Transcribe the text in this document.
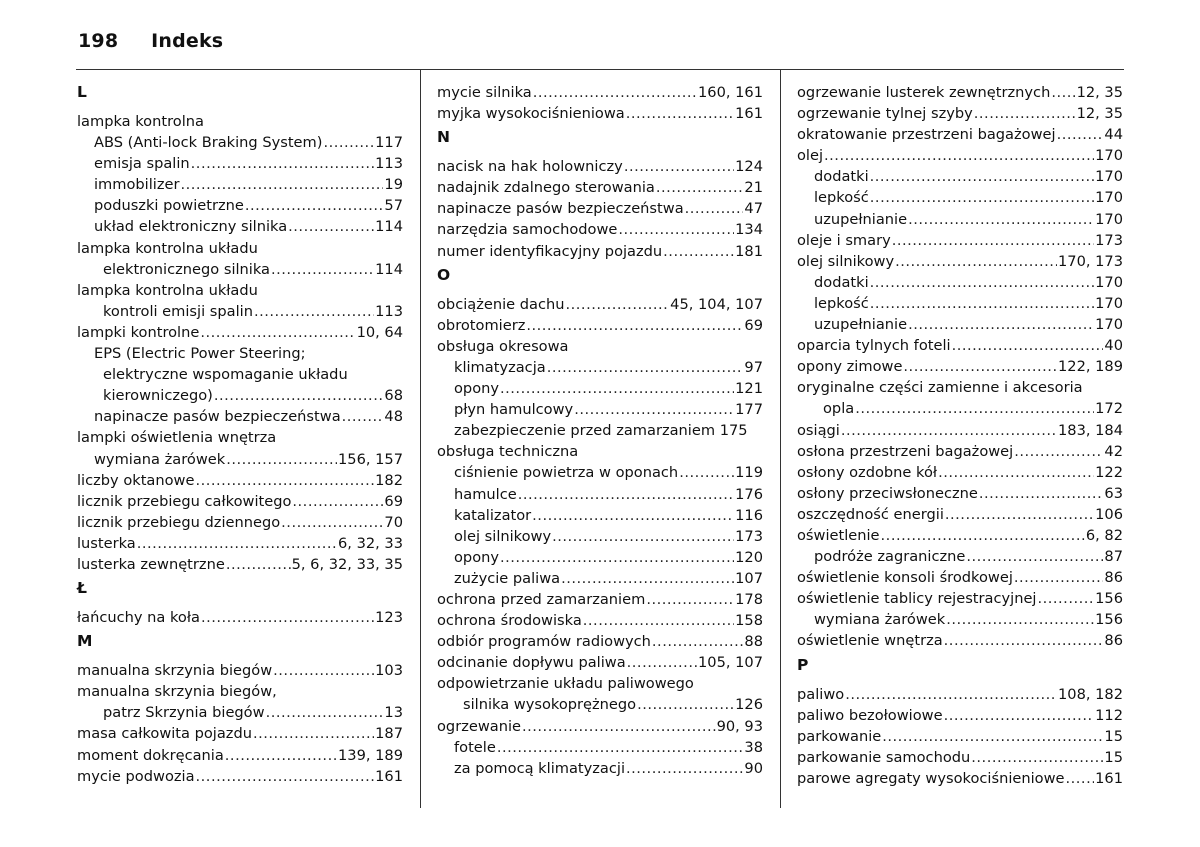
198 Indeks
L
lampka kontrolna
ABS (Anti-lock Braking System) .....	117
emisja spalin .....	113
immobilizer .....	19
poduszki powietrzne .....	57
układ elektroniczny silnika .....	114
lampka kontrolna układu
elektronicznego silnika .....	114
lampka kontrolna układu
kontroli emisji spalin .....	113
lampki kontrolne .....	10, 64
EPS (Electric Power Steering;
elektryczne wspomaganie układu
kierowniczego) .....	68
napinacze pasów bezpieczeństwa .....	48
lampki oświetlenia wnętrza
wymiana żarówek .....	156, 157
liczby oktanowe .....	182
licznik przebiegu całkowitego .....	69
licznik przebiegu dziennego .....	70
lusterka .....	6, 32, 33
lusterka zewnętrzne .....	5, 6, 32, 33, 35
Ł
łańcuchy na koła .....	123
M
manualna skrzynia biegów .....	103
manualna skrzynia biegów,
patrz Skrzynia biegów .....	13
masa całkowita pojazdu .....	187
moment dokręcania .....	139, 189
mycie podwozia .....	161
mycie silnika .....	160, 161
myjka wysokociśnieniowa .....	161
N
nacisk na hak holowniczy .....	124
nadajnik zdalnego sterowania .....	21
napinacze pasów bezpieczeństwa .....	47
narzędzia samochodowe .....	134
numer identyfikacyjny pojazdu .....	181
O
obciążenie dachu .....	45, 104, 107
obrotomierz .....	69
obsługa okresowa
klimatyzacja .....	97
opony .....	121
płyn hamulcowy .....	177
zabezpieczenie przed zamarzaniem 175
obsługa techniczna
ciśnienie powietrza w oponach .....	119
hamulce .....	176
katalizator .....	116
olej silnikowy .....	173
opony .....	120
zużycie paliwa .....	107
ochrona przed zamarzaniem .....	178
ochrona środowiska .....	158
odbiór programów radiowych .....	88
odcinanie dopływu paliwa .....	105, 107
odpowietrzanie układu paliwowego
silnika wysokoprężnego .....	126
ogrzewanie .....	90, 93
fotele .....	38
za pomocą klimatyzacji .....	90
ogrzewanie lusterek zewnętrznych ..... 12, 35
ogrzewanie tylnej szyby .....	12, 35
okratowanie przestrzeni bagażowej .....	44
olej .....	170
dodatki .....	170
lepkość .....	170
uzupełnianie .....	170
oleje i smary .....	173
olej silnikowy .....	170, 173
dodatki .....	170
lepkość .....	170
uzupełnianie .....	170
oparcia tylnych foteli .....	40
opony zimowe .....	122, 189
oryginalne części zamienne i akcesoria
opla .....	172
osiągi .....	183, 184
osłona przestrzeni bagażowej .....	42
osłony ozdobne kół .....	122
osłony przeciwsłoneczne .....	63
oszczędność energii .....	106
oświetlenie .....	6, 82
podróże zagraniczne .....	87
oświetlenie konsoli środkowej .....	86
oświetlenie tablicy rejestracyjnej .....	156
wymiana żarówek .....	156
oświetlenie wnętrza .....	86
P
paliwo .....	108, 182
paliwo bezołowiowe .....	112
parkowanie .....	15
parkowanie samochodu .....	15
parowe agregaty wysokociśnieniowe ..... 161
